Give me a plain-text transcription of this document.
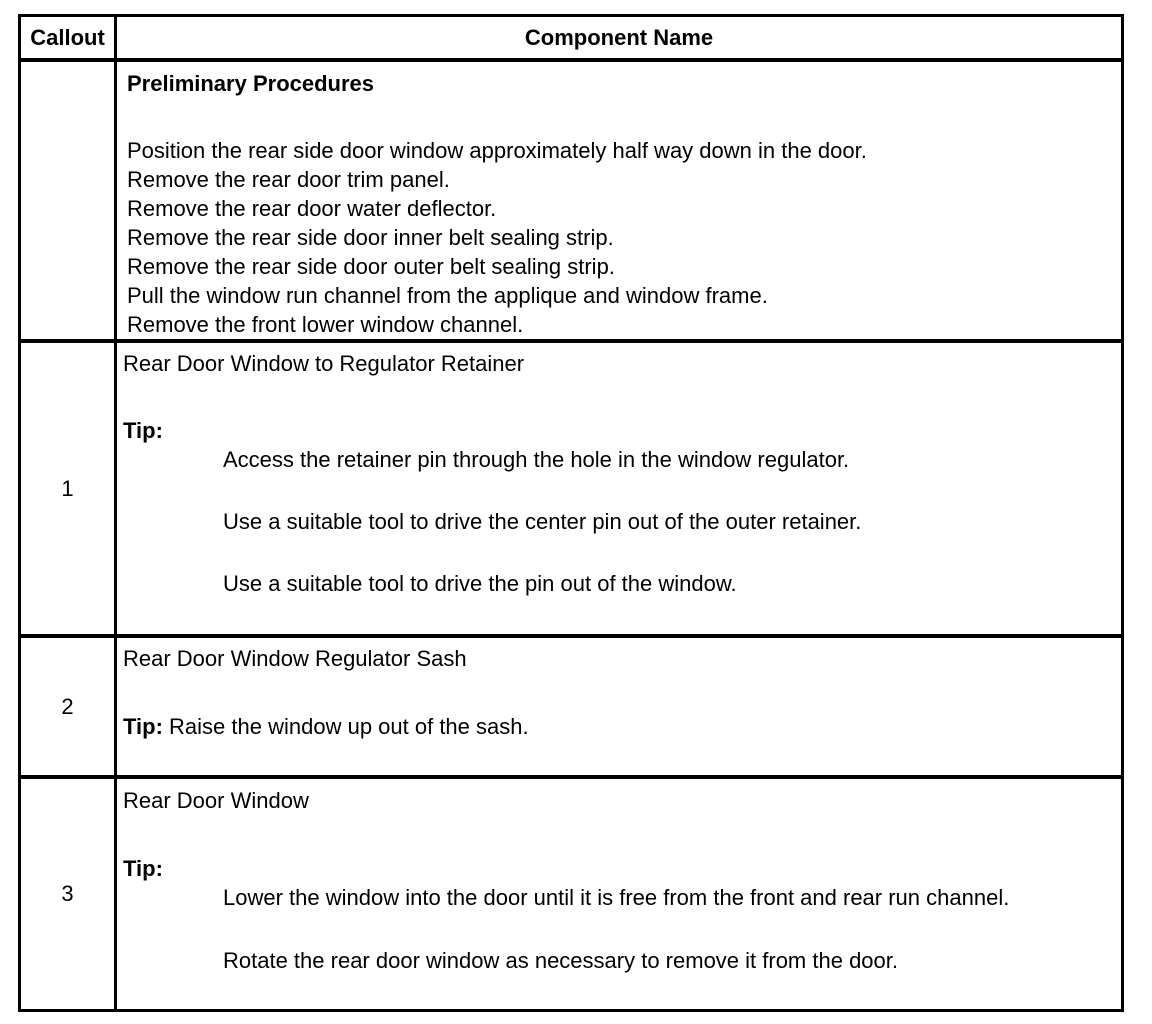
Callout	Component Name
Preliminary Procedures
Position the rear side door window approximately half way down in the door.
Remove the rear door trim panel.
Remove the rear door water deflector.
Remove the rear side door inner belt sealing strip.
Remove the rear side door outer belt sealing strip.
Pull the window run channel from the applique and window frame.
Remove the front lower window channel.
1
Rear Door Window to Regulator Retainer
Tip:
Access the retainer pin through the hole in the window regulator.
Use a suitable tool to drive the center pin out of the outer retainer.
Use a suitable tool to drive the pin out of the window.
2
Rear Door Window Regulator Sash
Tip: Raise the window up out of the sash.
3
Rear Door Window
Tip:
Lower the window into the door until it is free from the front and rear run channel.
Rotate the rear door window as necessary to remove it from the door.
